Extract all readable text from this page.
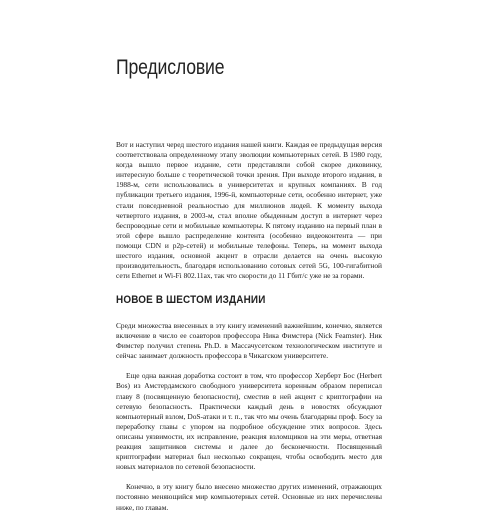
Предисловие

Вот и наступил черед шестого издания нашей книги. Каждая ее предыдущая версия соответствовала определенному этапу эволюции компьютерных сетей. В 1980 году, когда вышло первое издание, сети представляли собой скорее диковинку, интересную больше с теоретической точки зрения. При выходе второго издания, в 1988-м, сети использовались в университетах и крупных компаниях. В год публикации третьего издания, 1996-й, компьютерные сети, особенно интернет, уже стали повседневной реальностью для миллионов людей. К моменту выхода четвертого издания, в 2003-м, стал вполне обыденным доступ в интернет через беспроводные сети и мобильные компьютеры. К пятому изданию на первый план в этой сфере вышло распределение контента (особенно видеоконтента — при помощи CDN и p2p-сетей) и мобильные телефоны. Теперь, на момент выхода шестого издания, основной акцент в отрасли делается на очень высокую производительность, благодаря использованию сотовых сетей 5G, 100-гигабитной сети Ethernet и Wi-Fi 802.11ax, так что скорости до 11 Гбит/с уже не за горами.

НОВОЕ В ШЕСТОМ ИЗДАНИИ

Среди множества внесенных в эту книгу изменений важнейшим, конечно, является включение в число ее соавторов профессора Ника Фимстера (Nick Feamster). Ник Фимстер получил степень Ph.D. в Массачусетском технологическом институте и сейчас занимает должность профессора в Чикагском университете.

Еще одна важная доработка состоит в том, что профессор Херберт Бос (Herbert Bos) из Амстердамского свободного университета коренным образом переписал главу 8 (посвященную безопасности), сместив в ней акцент с криптографии на сетевую безопасность. Практически каждый день в новостях обсуждают компьютерный взлом, DoS-атаки и т. п., так что мы очень благодарны проф. Босу за переработку главы с упором на подробное обсуждение этих вопросов. Здесь описаны уязвимости, их исправление, реакция взломщиков на эти меры, ответная реакция защитников системы и далее до бесконечности. Посвященный криптографии материал был несколько сокращен, чтобы освободить место для новых материалов по сетевой безопасности.

Конечно, в эту книгу было внесено множество других изменений, отражающих постоянно меняющийся мир компьютерных сетей. Основные из них перечислены ниже, по главам.
